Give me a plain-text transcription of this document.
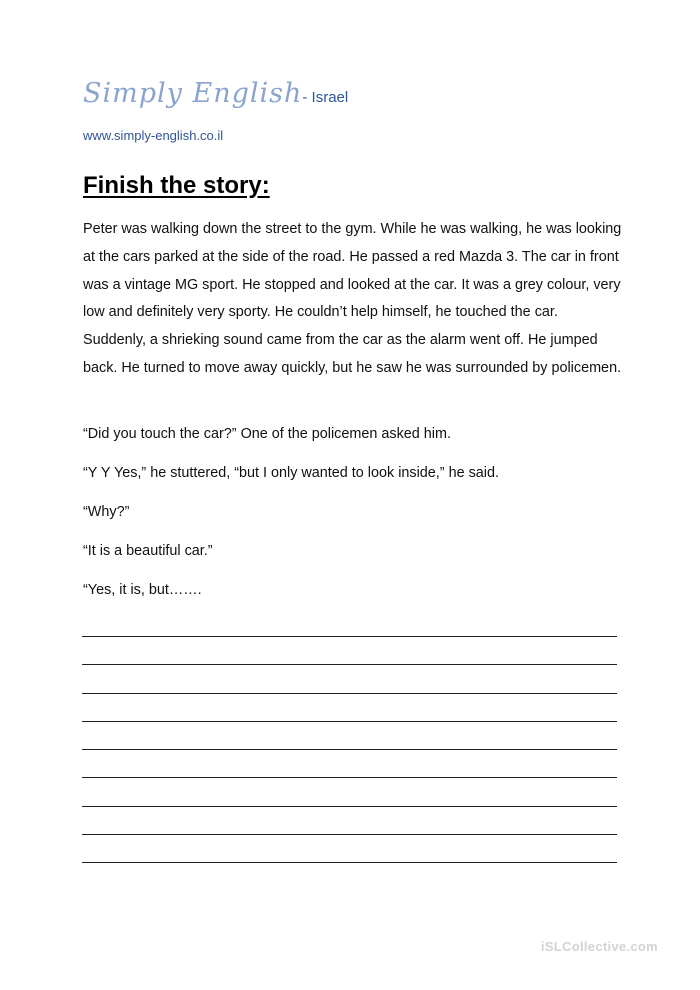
Simply English- Israel
www.simply-english.co.il
Finish the story:

Peter was walking down the street to the gym. While he was walking, he was looking at the cars parked at the side of the road. He passed a red Mazda 3. The car in front was a vintage MG sport. He stopped and looked at the car. It was a grey colour, very low and definitely very sporty. He couldn’t help himself, he touched the car. Suddenly, a shrieking sound came from the car as the alarm went off. He jumped back. He turned to move away quickly, but he saw he was surrounded by policemen.

“Did you touch the car?” One of the policemen asked him.

“Y Y Yes,” he stuttered, “but I only wanted to look inside,” he said.

“Why?”

“It is a beautiful car.”

“Yes, it is, but…….

iSLCollective.com
